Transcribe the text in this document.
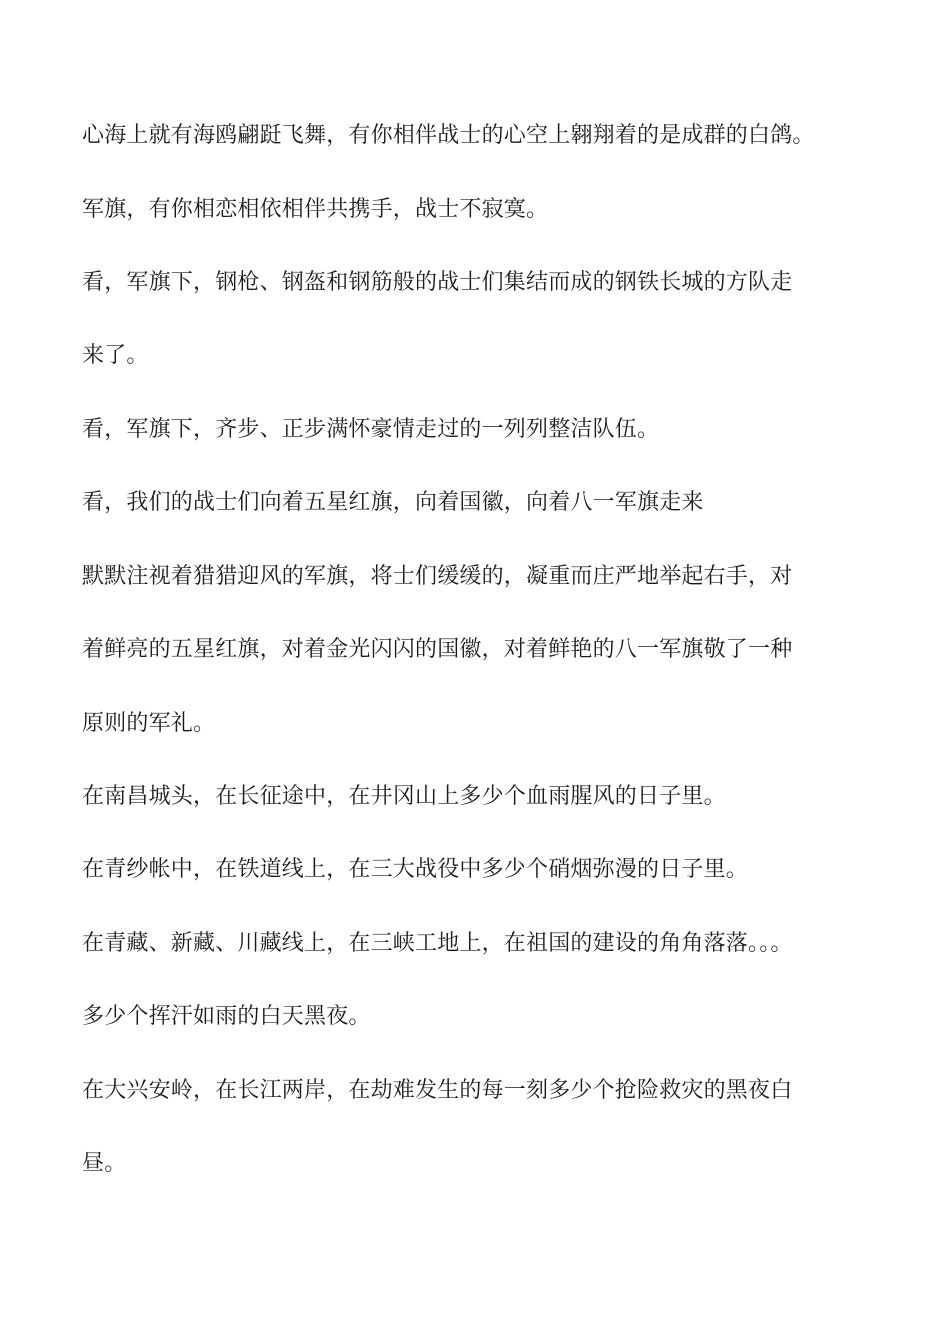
心海上就有海鸥翩跹飞舞，有你相伴战士的心空上翱翔着的是成群的白鸽。

军旗，有你相恋相依相伴共携手，战士不寂寞。

看，军旗下，钢枪、钢盔和钢筋般的战士们集结而成的钢铁长城的方队走

来了。

看，军旗下，齐步、正步满怀豪情走过的一列列整洁队伍。

看，我们的战士们向着五星红旗，向着国徽，向着八一军旗走来

默默注视着猎猎迎风的军旗，将士们缓缓的，凝重而庄严地举起右手，对

着鲜亮的五星红旗，对着金光闪闪的国徽，对着鲜艳的八一军旗敬了一种

原则的军礼。

在南昌城头，在长征途中，在井冈山上多少个血雨腥风的日子里。

在青纱帐中，在铁道线上，在三大战役中多少个硝烟弥漫的日子里。

在青藏、新藏、川藏线上，在三峡工地上，在祖国的建设的角角落落。。。

多少个挥汗如雨的白天黑夜。

在大兴安岭，在长江两岸，在劫难发生的每一刻多少个抢险救灾的黑夜白

昼。
